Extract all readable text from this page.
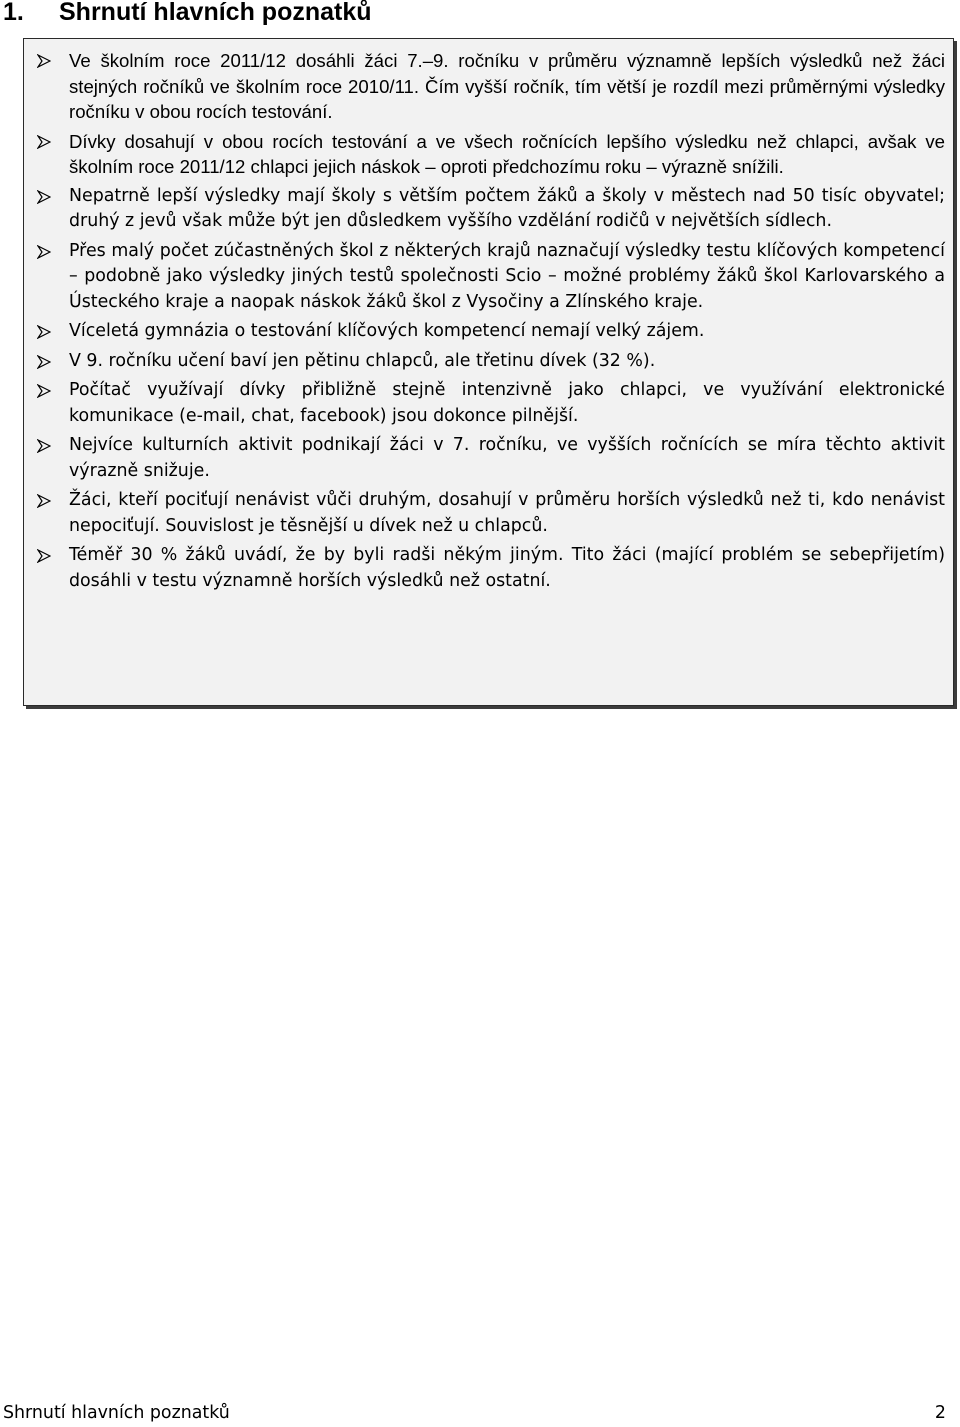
1. Shrnutí hlavních poznatků
Ve školním roce 2011/12 dosáhli žáci 7.–9. ročníku v průměru významně lepších výsledků než žáci stejných ročníků ve školním roce 2010/11. Čím vyšší ročník, tím větší je rozdíl mezi průměrnými výsledky ročníku v obou rocích testování.
Dívky dosahují v obou rocích testování a ve všech ročnících lepšího výsledku než chlapci, avšak ve školním roce 2011/12 chlapci jejich náskok – oproti předchozímu roku – výrazně snížili.
Nepatrně lepší výsledky mají školy s větším počtem žáků a školy v městech nad 50 tisíc obyvatel; druhý z jevů však může být jen důsledkem vyššího vzdělání rodičů v největších sídlech.
Přes malý počet zúčastněných škol z některých krajů naznačují výsledky testu klíčových kompetencí – podobně jako výsledky jiných testů společnosti Scio – možné problémy žáků škol Karlovarského a Ústeckého kraje a naopak náskok žáků škol z Vysočiny a Zlínského kraje.
Víceletá gymnázia o testování klíčových kompetencí nemají velký zájem.
V 9. ročníku učení baví jen pětinu chlapců, ale třetinu dívek (32 %).
Počítač využívají dívky přibližně stejně intenzivně jako chlapci, ve využívání elektronické komunikace (e-mail, chat, facebook) jsou dokonce pilnější.
Nejvíce kulturních aktivit podnikají žáci v 7. ročníku, ve vyšších ročnících se míra těchto aktivit výrazně snižuje.
Žáci, kteří pociťují nenávist vůči druhým, dosahují v průměru horších výsledků než ti, kdo nenávist nepociťují. Souvislost je těsnější u dívek než u chlapců.
Téměř 30 % žáků uvádí, že by byli radši někým jiným. Tito žáci (mající problém se sebepřijetím) dosáhli v testu významně horších výsledků než ostatní.
Shrnutí hlavních poznatků	2
